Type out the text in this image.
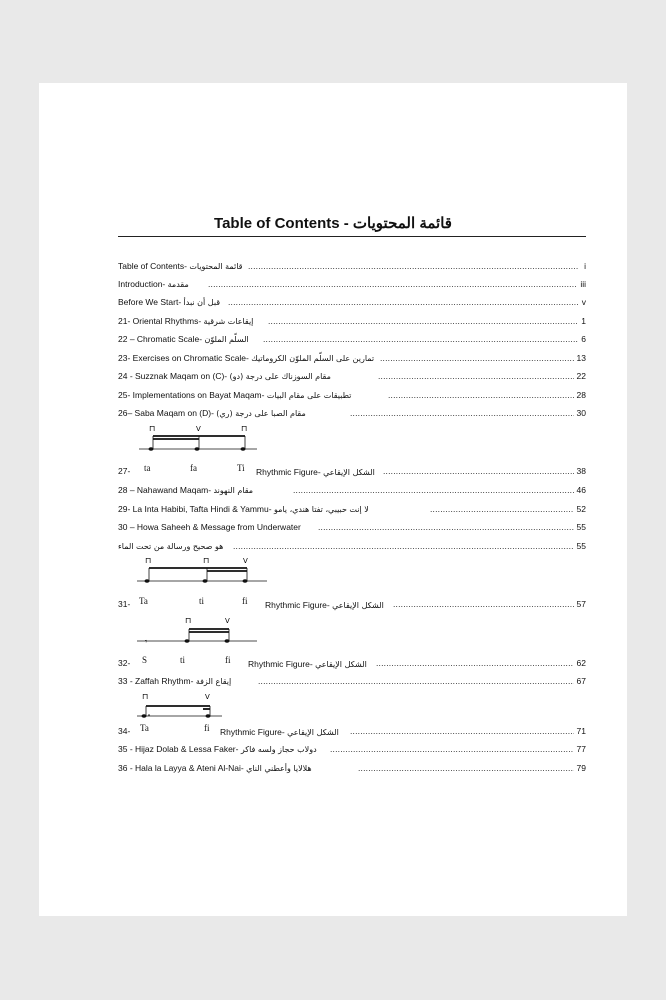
Table of Contents - قائمة المحتويات
Table of Contents- قائمة المحتويات .....	i
Introduction- مقدمة .....	iii
Before We Start- قبل أن نبدأ .....	v
21- Oriental Rhythms- إيقاعات شرقية .....	1
22 – Chromatic Scale- السلّم الملوّن .....	6
23- Exercises on Chromatic Scale- تمارين على السلّم الملوّن الكروماتيك .....	13
24 - Suzznak Maqam on (C)- مقام السوزناك على درجة (دو) .....	22
25- Implementations on Bayat Maqam- تطبيقات على مقام البيات .....	28
26– Saba Maqam on (D)- مقام الصبا على درجة (ري) .....	30
⊓	V	⊓
27- ta	fa	Ti Rhythmic Figure- الشكل الإيقاعي .....	38
28 – Nahawand Maqam- مقام النهوند .....	46
29- La Inta Habibi, Tafta Hindi & Yammu- لا إنت حبيبي، تفتا هندي، يامو .....	52
30 – Howa Saheeh & Message from Underwater .....	55
هو صحيح ورسالة من تحت الماء .....	55
⊓	⊓	V
31- Ta	ti	fi Rhythmic Figure- الشكل الإيقاعي .....	57
𝄾
⊓	V
32- S	ti	fi Rhythmic Figure- الشكل الإيقاعي .....	62
33 - Zaffah Rhythm- إيقاع الزفة .....	67
⊓	V
34- Ta	fi Rhythmic Figure- الشكل الإيقاعي .....	71
35 - Hijaz Dolab & Lessa Faker- دولاب حجاز ولسه فاكر .....	77
36 - Hala la Layya & Ateni Al-Nai- هلالايا وأعطني الناي .....	79
